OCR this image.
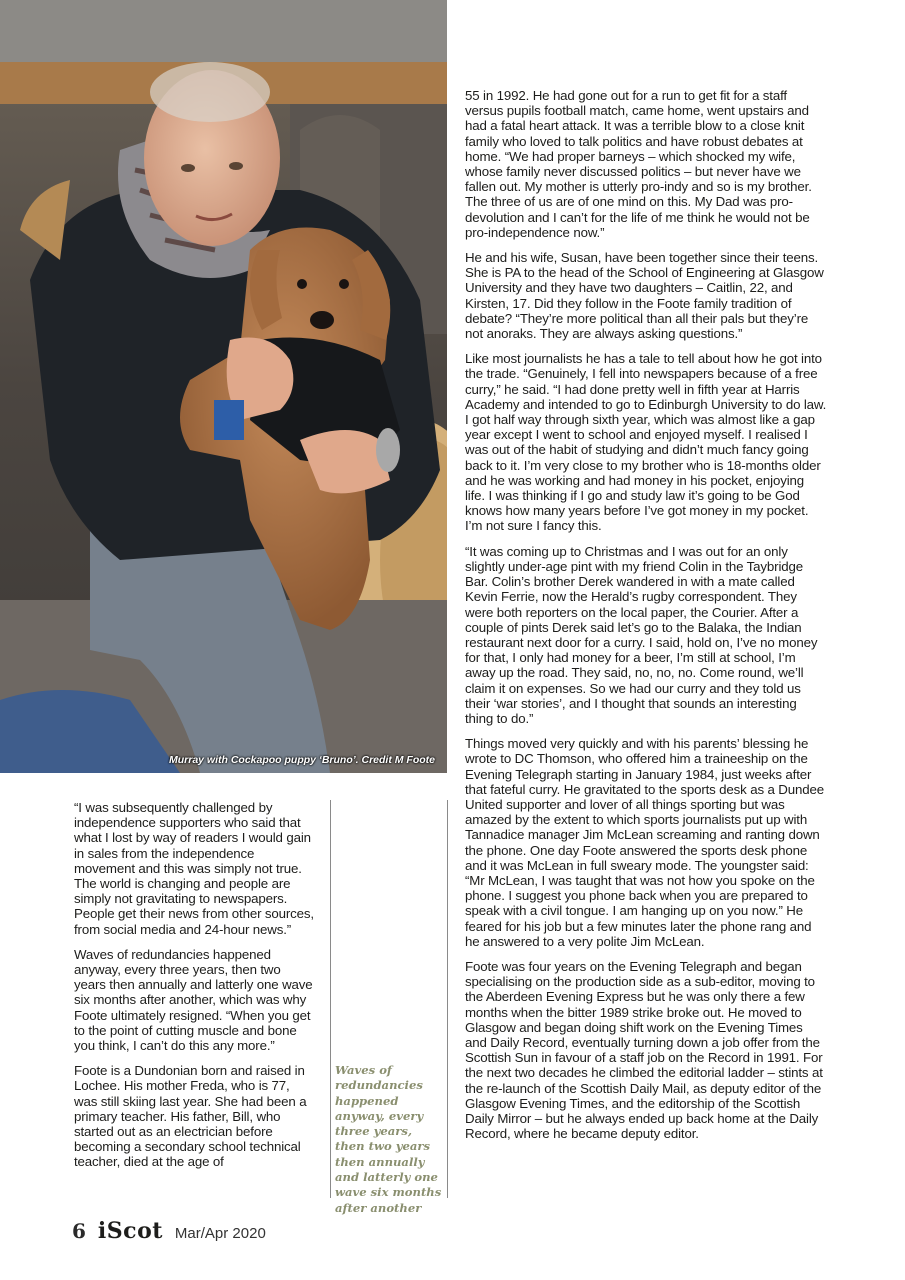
Murray with Cockapoo puppy ‘Bruno’. Credit M Foote

55 in 1992. He had gone out for a run to get fit for a staff versus pupils football match, came home, went upstairs and had a fatal heart attack. It was a terrible blow to a close knit family who loved to talk politics and have robust debates at home. “We had proper barneys – which shocked my wife, whose family never discussed politics – but never have we fallen out. My mother is utterly pro-indy and so is my brother. The three of us are of one mind on this. My Dad was pro-devolution and I can’t for the life of me think he would not be pro-independence now.”

He and his wife, Susan, have been together since their teens. She is PA to the head of the School of Engineering at Glasgow University and they have two daughters – Caitlin, 22, and Kirsten, 17. Did they follow in the Foote family tradition of debate? “They’re more political than all their pals but they’re not anoraks. They are always asking questions.”

Like most journalists he has a tale to tell about how he got into the trade. “Genuinely, I fell into newspapers because of a free curry,” he said. “I had done pretty well in fifth year at Harris Academy and intended to go to Edinburgh University to do law. I got half way through sixth year, which was almost like a gap year except I went to school and enjoyed myself. I realised I was out of the habit of studying and didn’t much fancy going back to it. I’m very close to my brother who is 18-months older and he was working and had money in his pocket, enjoying life. I was thinking if I go and study law it’s going to be God knows how many years before I’ve got money in my pocket. I’m not sure I fancy this.

“It was coming up to Christmas and I was out for an only slightly under-age pint with my friend Colin in the Taybridge Bar. Colin’s brother Derek wandered in with a mate called Kevin Ferrie, now the Herald’s rugby correspondent. They were both reporters on the local paper, the Courier. After a couple of pints Derek said let’s go to the Balaka, the Indian restaurant next door for a curry. I said, hold on, I’ve no money for that, I only had money for a beer, I’m still at school, I’m away up the road. They said, no, no, no. Come round, we’ll claim it on expenses. So we had our curry and they told us their ‘war stories’, and I thought that sounds an interesting thing to do.”

Things moved very quickly and with his parents’ blessing he wrote to DC Thomson, who offered him a traineeship on the Evening Telegraph starting in January 1984, just weeks after that fateful curry. He gravitated to the sports desk as a Dundee United supporter and lover of all things sporting but was amazed by the extent to which sports journalists put up with Tannadice manager Jim McLean screaming and ranting down the phone. One day Foote answered the sports desk phone and it was McLean in full sweary mode. The youngster said: “Mr McLean, I was taught that was not how you spoke on the phone. I suggest you phone back when you are prepared to speak with a civil tongue. I am hanging up on you now.” He feared for his job but a few minutes later the phone rang and he answered to a very polite Jim McLean.

Foote was four years on the Evening Telegraph and began specialising on the production side as a sub-editor, moving to the Aberdeen Evening Express but he was only there a few months when the bitter 1989 strike broke out. He moved to Glasgow and began doing shift work on the Evening Times and Daily Record, eventually turning down a job offer from the Scottish Sun in favour of a staff job on the Record in 1991. For the next two decades he climbed the editorial ladder – stints at the re-launch of the Scottish Daily Mail, as deputy editor of the Glasgow Evening Times, and the editorship of the Scottish Daily Mirror – but he always ended up back home at the Daily Record, where he became deputy editor.

“I was subsequently challenged by independence supporters who said that what I lost by way of readers I would gain in sales from the independence movement and this was simply not true. The world is changing and people are simply not gravitating to newspapers. People get their news from other sources, from social media and 24-hour news.”

Waves of redundancies happened anyway, every three years, then two years then annually and latterly one wave six months after another, which was why Foote ultimately resigned. “When you get to the point of cutting muscle and bone you think, I can’t do this any more.”

Foote is a Dundonian born and raised in Lochee. His mother Freda, who is 77, was still skiing last year. She had been a primary teacher. His father, Bill, who started out as an electrician before becoming a secondary school technical teacher, died at the age of

Waves of redundancies happened anyway, every three years, then two years then annually and latterly one wave six months after another
6 iScot Mar/Apr 2020
